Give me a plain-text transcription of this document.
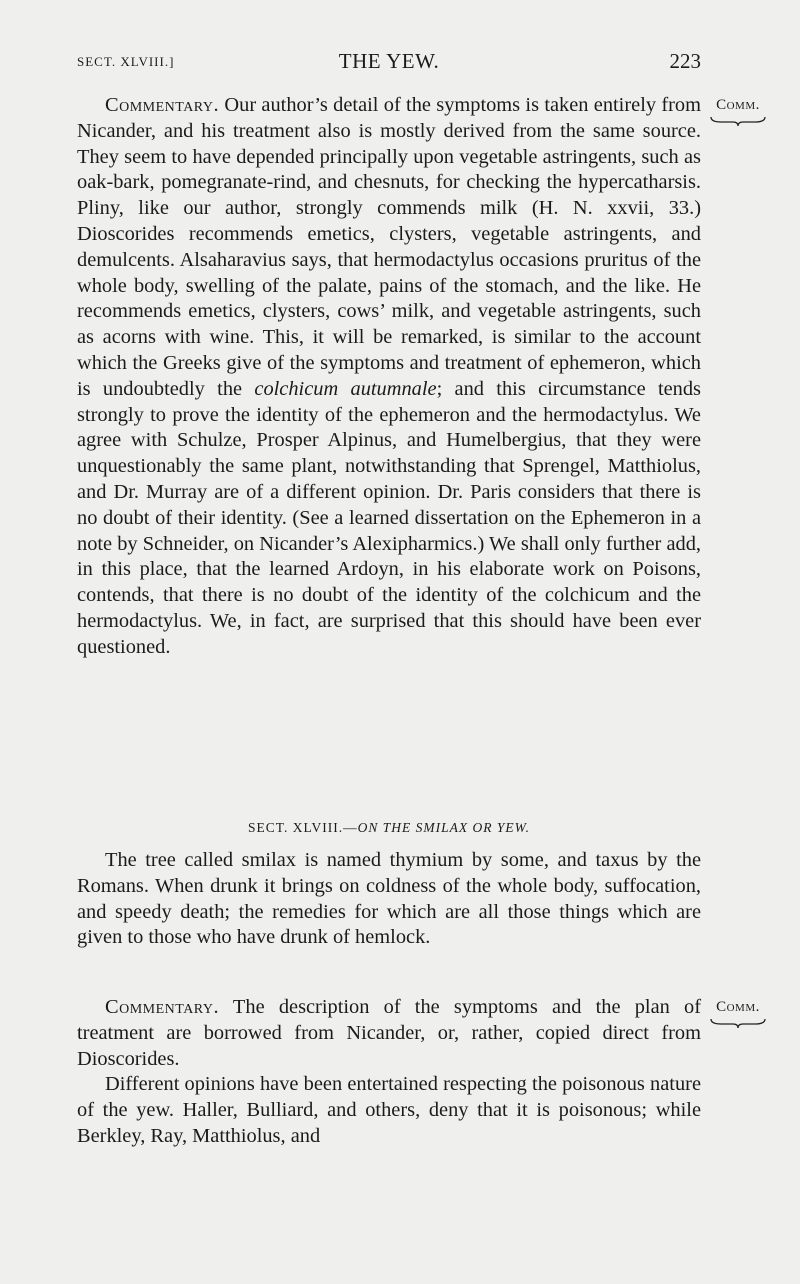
SECT. XLVIII.]	THE YEW.	223

Commentary. Our author’s detail of the symptoms is taken entirely from Nicander, and his treatment also is mostly derived from the same source. They seem to have depended principally upon vegetable astringents, such as oak-bark, pomegranate-rind, and chesnuts, for checking the hypercatharsis. Pliny, like our author, strongly commends milk (H. N. xxvii, 33.) Dioscorides recommends emetics, clysters, vegetable astringents, and demulcents. Alsaharavius says, that hermodactylus occasions pruritus of the whole body, swelling of the palate, pains of the stomach, and the like. He recommends emetics, clysters, cows’ milk, and vegetable astringents, such as acorns with wine. This, it will be remarked, is similar to the account which the Greeks give of the symptoms and treatment of ephemeron, which is undoubtedly the colchicum autumnale; and this circumstance tends strongly to prove the identity of the ephemeron and the hermodactylus. We agree with Schulze, Prosper Alpinus, and Humelbergius, that they were unquestionably the same plant, notwithstanding that Sprengel, Matthiolus, and Dr. Murray are of a different opinion. Dr. Paris considers that there is no doubt of their identity. (See a learned dissertation on the Ephemeron in a note by Schneider, on Nicander’s Alexipharmics.) We shall only further add, in this place, that the learned Ardoyn, in his elaborate work on Poisons, contends, that there is no doubt of the identity of the colchicum and the hermodactylus. We, in fact, are surprised that this should have been ever questioned.

Comm.

SECT. XLVIII.—ON THE SMILAX OR YEW.

The tree called smilax is named thymium by some, and taxus by the Romans. When drunk it brings on coldness of the whole body, suffocation, and speedy death; the remedies for which are all those things which are given to those who have drunk of hemlock.

Commentary. The description of the symptoms and the plan of treatment are borrowed from Nicander, or, rather, copied direct from Dioscorides.

Comm.

Different opinions have been entertained respecting the poisonous nature of the yew. Haller, Bulliard, and others, deny that it is poisonous; while Berkley, Ray, Matthiolus, and
